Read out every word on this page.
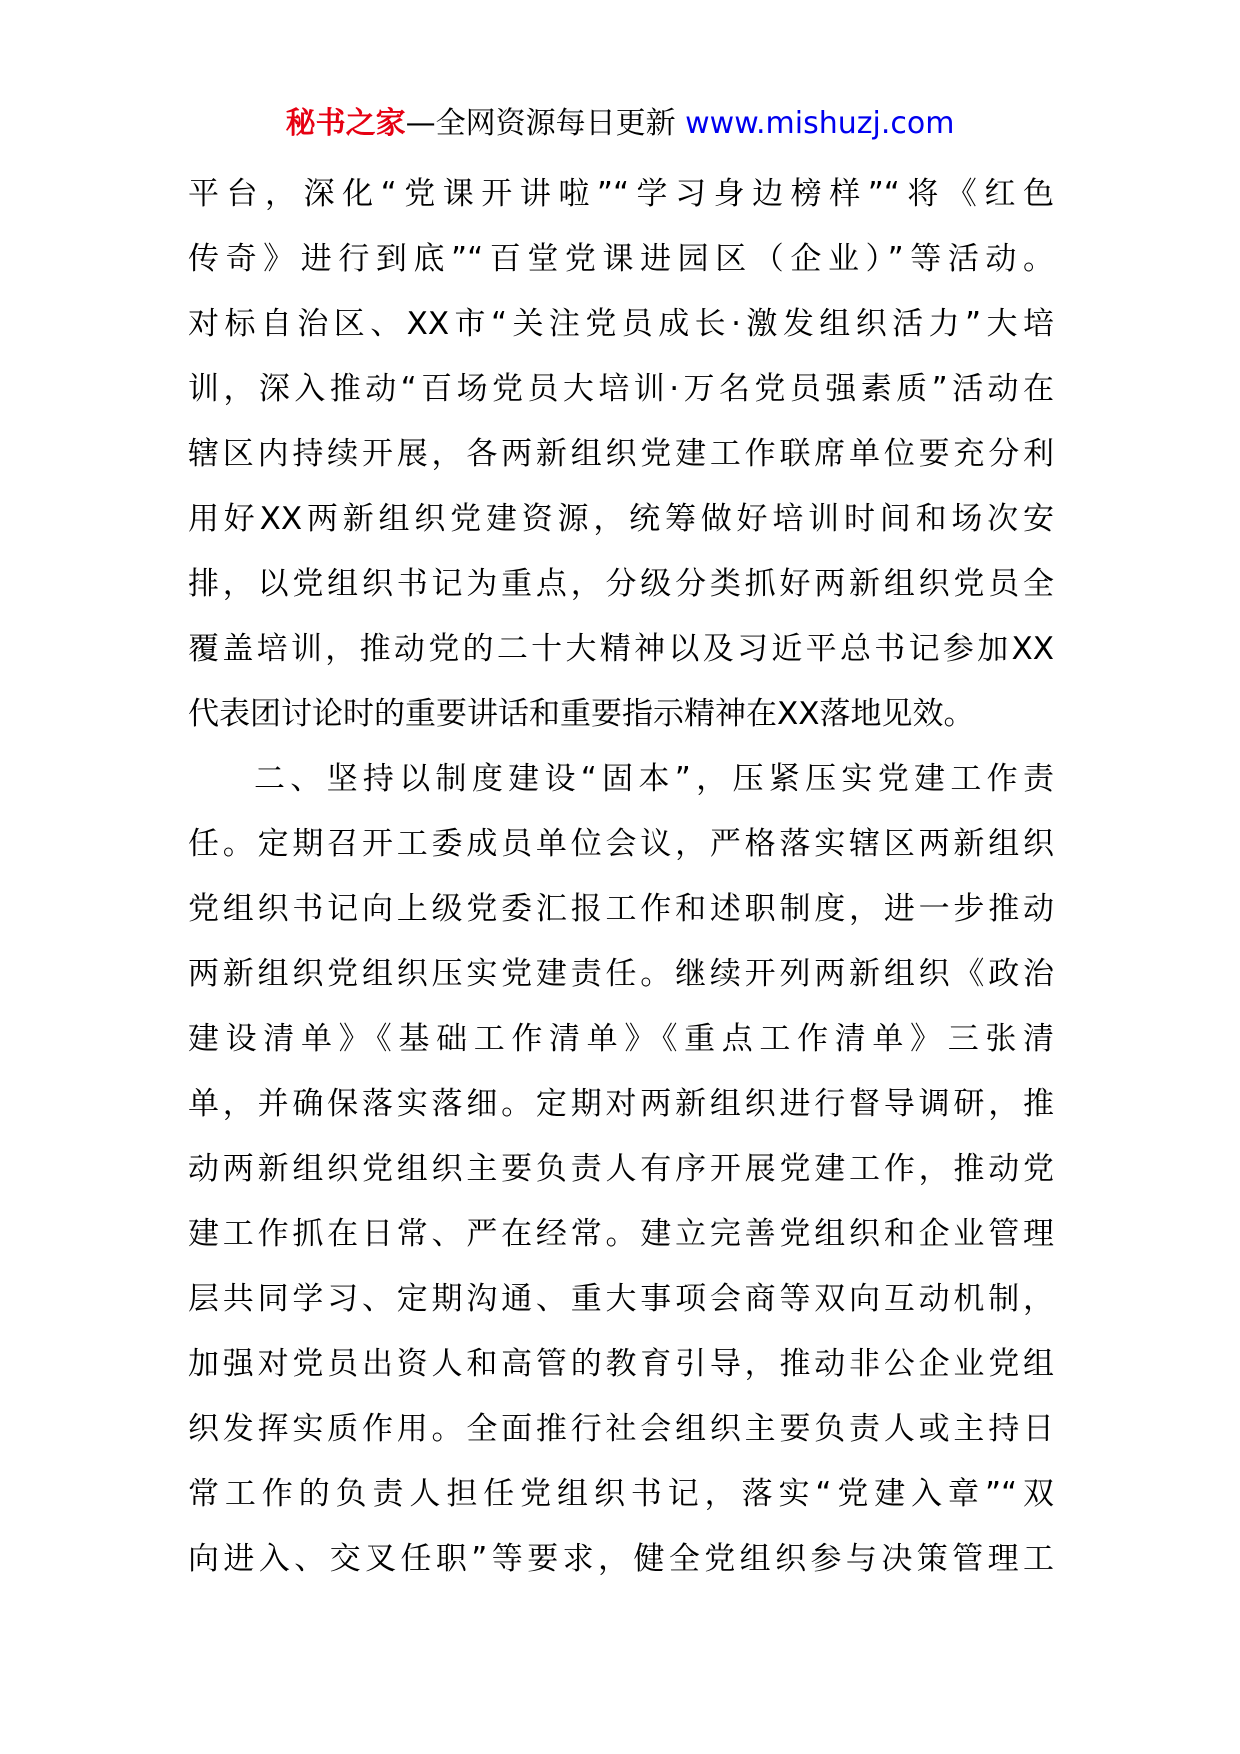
秘书之家—全网资源每日更新 www.mishuzj.com
平台，深化“党课开讲啦”“学习身边榜样”“将《红色
传奇》进行到底”“百堂党课进园区（企业）”等活动。
对标自治区、XX市“关注党员成长·激发组织活力”大培
训，深入推动“百场党员大培训·万名党员强素质”活动在
辖区内持续开展，各两新组织党建工作联席单位要充分利
用好XX两新组织党建资源，统筹做好培训时间和场次安
排，以党组织书记为重点，分级分类抓好两新组织党员全
覆盖培训，推动党的二十大精神以及习近平总书记参加XX
代表团讨论时的重要讲话和重要指示精神在XX落地见效。
二、坚持以制度建设“固本”，压紧压实党建工作责
任。定期召开工委成员单位会议，严格落实辖区两新组织
党组织书记向上级党委汇报工作和述职制度，进一步推动
两新组织党组织压实党建责任。继续开列两新组织《政治
建设清单》《基础工作清单》《重点工作清单》三张清
单，并确保落实落细。定期对两新组织进行督导调研，推
动两新组织党组织主要负责人有序开展党建工作，推动党
建工作抓在日常、严在经常。建立完善党组织和企业管理
层共同学习、定期沟通、重大事项会商等双向互动机制，
加强对党员出资人和高管的教育引导，推动非公企业党组
织发挥实质作用。全面推行社会组织主要负责人或主持日
常工作的负责人担任党组织书记，落实“党建入章”“双
向进入、交叉任职”等要求，健全党组织参与决策管理工
